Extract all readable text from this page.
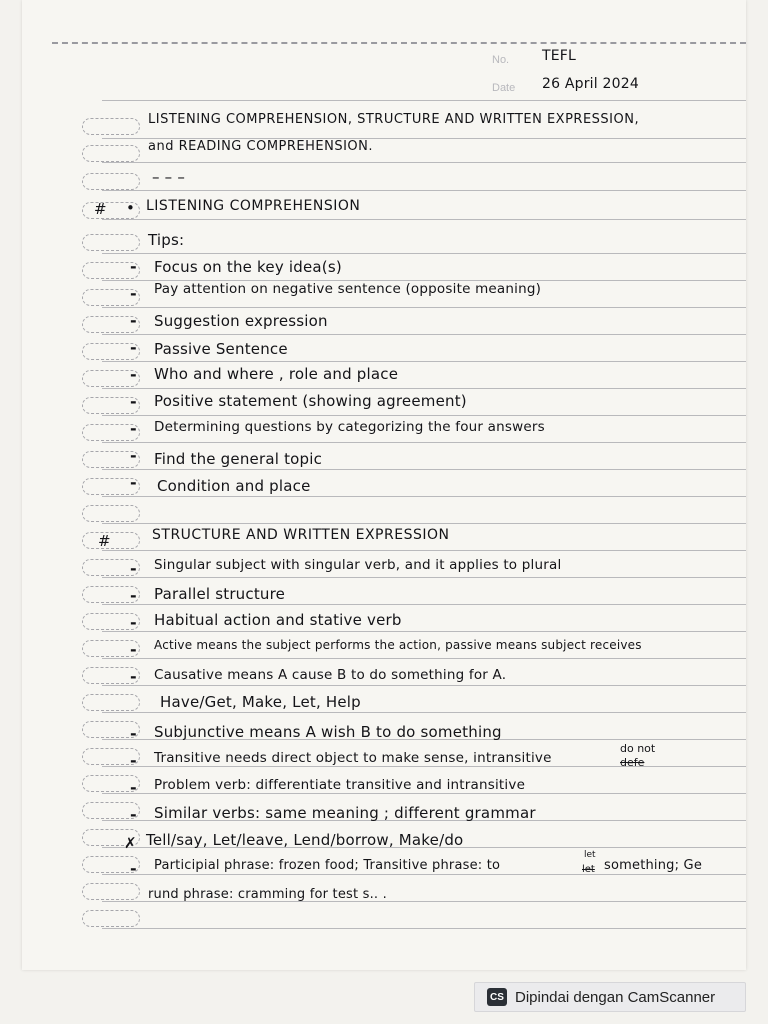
No. TEFL
Date 26 April 2024
LISTENING COMPREHENSION, STRUCTURE AND WRITTEN EXPRESSION,
and READING COMPREHENSION.
– – –
# • LISTENING COMPREHENSION
Tips:
- Focus on the key idea(s)
- Pay attention on negative sentence (opposite meaning)
- Suggestion expression
- Passive Sentence
- Who and where , role and place
- Positive statement (showing agreement)
- Determining questions by categorizing the four answers
- Find the general topic
- Condition and place
#	STRUCTURE AND WRITTEN EXPRESSION
- Singular subject with singular verb, and it applies to plural
- Parallel structure
- Habitual action and stative verb
- Active means the subject performs the action, passive means subject receives
- Causative means A cause B to do something for A.
Have/Get, Make, Let, Help
- Subjunctive means A wish B to do something
- Transitive needs direct object to make sense, intransitive
do not
defe
- Problem verb: differentiate transitive and intransitive
- Similar verbs: same meaning ; different grammar
✗ Tell/say, Let/leave, Lend/borrow, Make/do
- Participial phrase: frozen food; Transitive phrase: to	let
let
something; Ge
rund phrase: cramming for test s.. .
CS Dipindai dengan CamScanner
